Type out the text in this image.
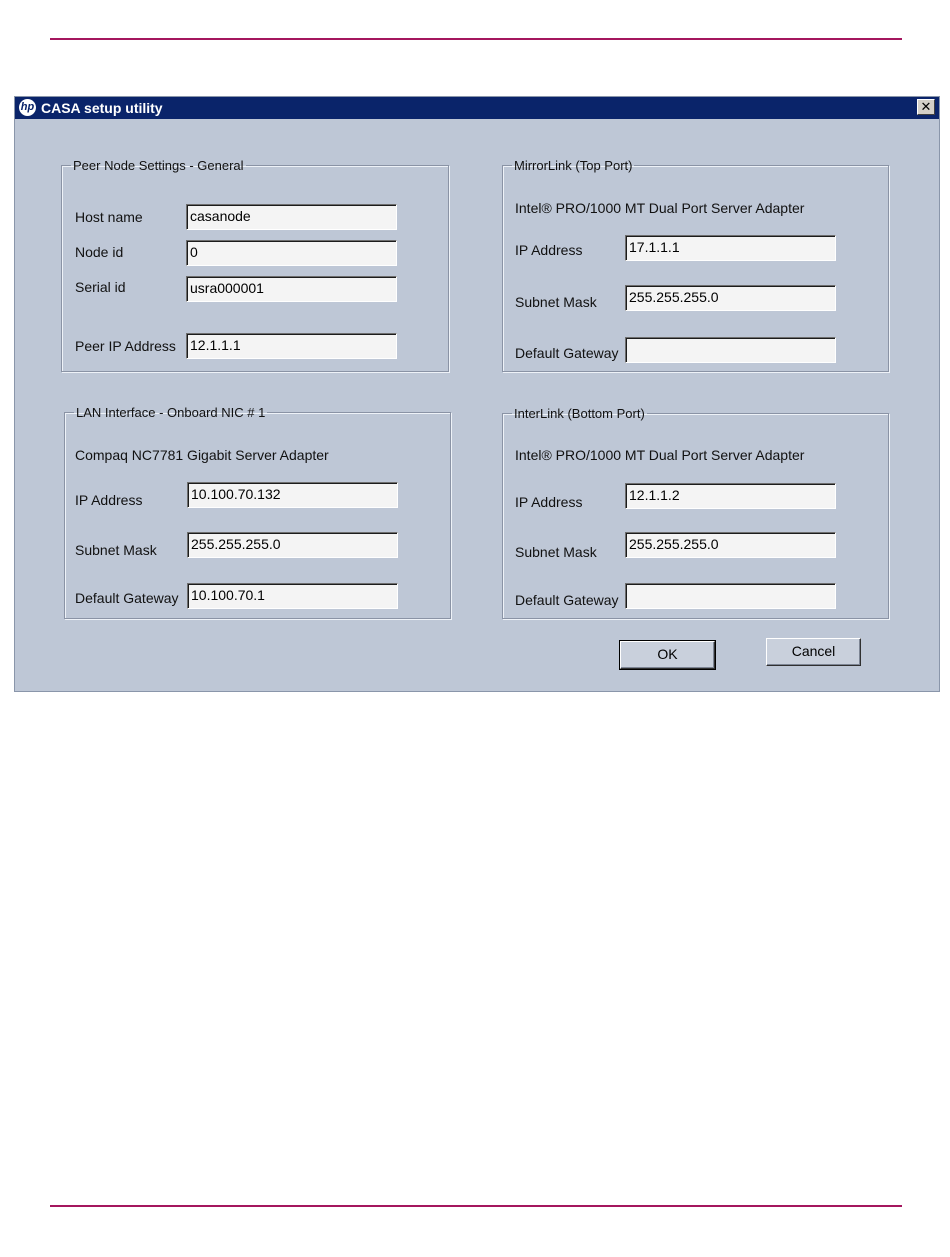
hp CASA setup utility	✕
Peer Node Settings - General
Host name	casanode
Node id	0
Serial id	usra000001
Peer IP Address 12.1.1.1
LAN Interface - Onboard NIC # 1
Compaq NC7781 Gigabit Server Adapter
IP Address	10.100.70.132
Subnet Mask 255.255.255.0
Default Gateway 10.100.70.1
MirrorLink (Top Port)
Intel® PRO/1000 MT Dual Port Server Adapter
IP Address	17.1.1.1
Subnet Mask 255.255.255.0
Default Gateway
InterLink (Bottom Port)
Intel® PRO/1000 MT Dual Port Server Adapter
IP Address	12.1.1.2
Subnet Mask 255.255.255.0
Default Gateway
OK	Cancel
